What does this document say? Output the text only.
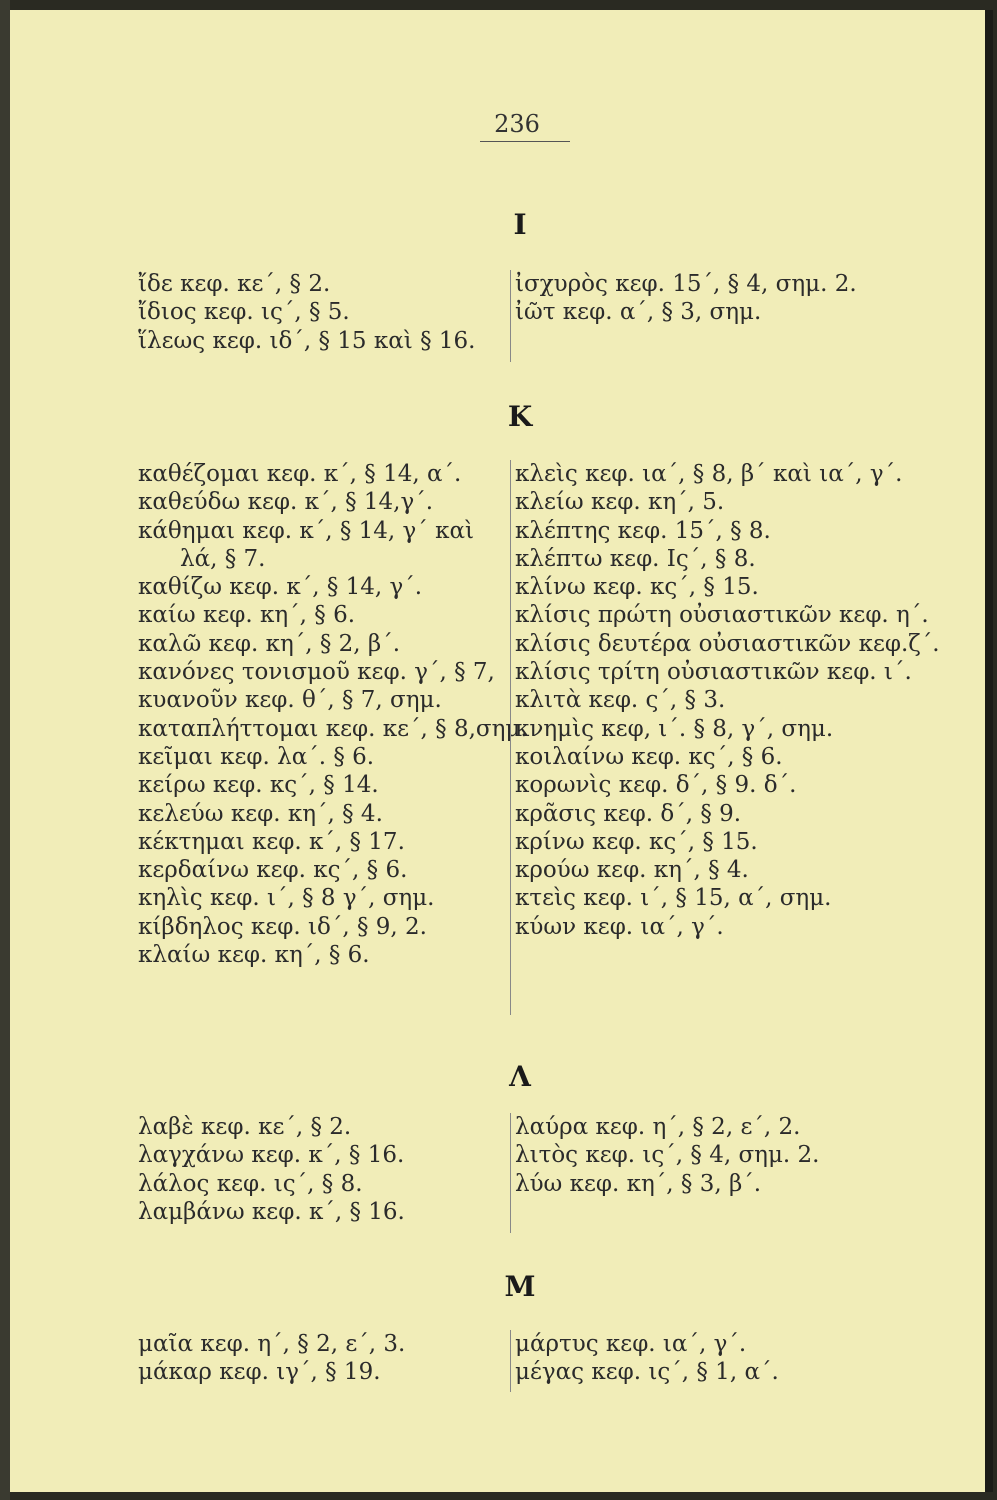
236
Ι
ἴδε κεφ. κε΄, § 2.
ἴδιος κεφ. ις΄, § 5.
ἵλεως κεφ. ιδ΄, § 15 καὶ § 16.
ἰσχυρὸς κεφ. 15΄, § 4, σημ. 2.
ἰῶτ κεφ. α΄, § 3, σημ.
Κ
καθέζομαι κεφ. κ΄, § 14, α΄.
καθεύδω κεφ. κ΄, § 14,γ΄.
κάθημαι κεφ. κ΄, § 14, γ΄ καὶ
λά, § 7.
καθίζω κεφ. κ΄, § 14, γ΄.
καίω κεφ. κη΄, § 6.
καλῶ κεφ. κη΄, § 2, β΄.
κανόνες τονισμοῦ κεφ. γ΄, § 7,
κυανοῦν κεφ. θ΄, § 7, σημ.
καταπλήττομαι κεφ. κε΄, § 8,σημ.
κεῖμαι κεφ. λα΄. § 6.
κείρω κεφ. κς΄, § 14.
κελεύω κεφ. κη΄, § 4.
κέκτημαι κεφ. κ΄, § 17.
κερδαίνω κεφ. κς΄, § 6.
κηλὶς κεφ. ι΄, § 8 γ΄, σημ.
κίβδηλος κεφ. ιδ΄, § 9, 2.
κλαίω κεφ. κη΄, § 6.
κλεὶς κεφ. ια΄, § 8, β΄ καὶ ια΄, γ΄.
κλείω κεφ. κη΄, 5.
κλέπτης κεφ. 15΄, § 8.
κλέπτω κεφ. Ις΄, § 8.
κλίνω κεφ. κς΄, § 15.
κλίσις πρώτη οὐσιαστικῶν κεφ. η΄.
κλίσις δευτέρα οὐσιαστικῶν κεφ.ζ΄.
κλίσις τρίτη οὐσιαστικῶν κεφ. ι΄.
κλιτὰ κεφ. ς΄, § 3.
κνημὶς κεφ, ι΄. § 8, γ΄, σημ.
κοιλαίνω κεφ. κς΄, § 6.
κορωνὶς κεφ. δ΄, § 9. δ΄.
κρᾶσις κεφ. δ΄, § 9.
κρίνω κεφ. κς΄, § 15.
κρούω κεφ. κη΄, § 4.
κτεὶς κεφ. ι΄, § 15, α΄, σημ.
κύων κεφ. ια΄, γ΄.
Λ
λαβὲ κεφ. κε΄, § 2.
λαγχάνω κεφ. κ΄, § 16.
λάλος κεφ. ις΄, § 8.
λαμβάνω κεφ. κ΄, § 16.
λαύρα κεφ. η΄, § 2, ε΄, 2.
λιτὸς κεφ. ις΄, § 4, σημ. 2.
λύω κεφ. κη΄, § 3, β΄.
Μ
μαῖα κεφ. η΄, § 2, ε΄, 3.
μάκαρ κεφ. ιγ΄, § 19.
μάρτυς κεφ. ια΄, γ΄.
μέγας κεφ. ις΄, § 1, α΄.
